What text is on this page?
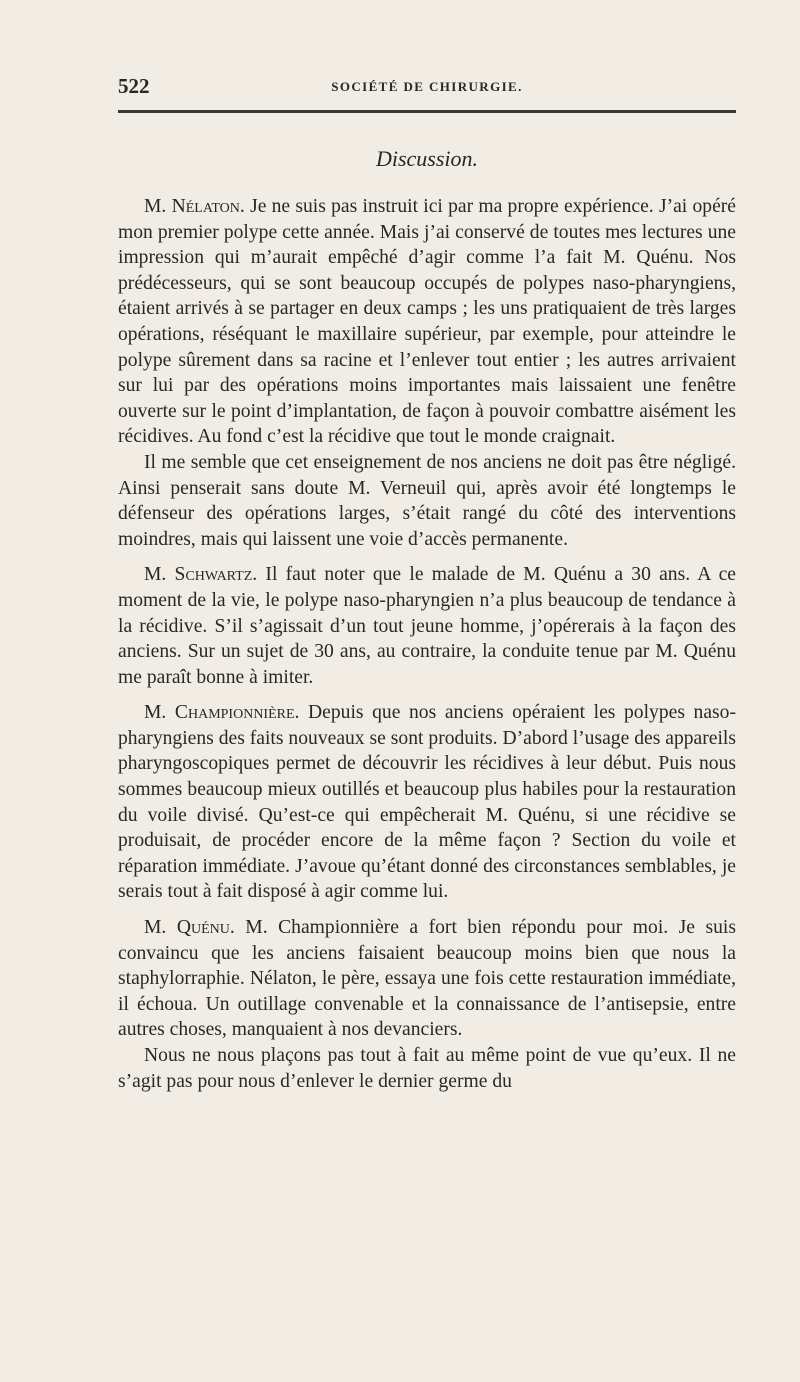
522	SOCIÉTÉ DE CHIRURGIE.
Discussion.

M. Nélaton. Je ne suis pas instruit ici par ma propre expérience. J’ai opéré mon premier polype cette année. Mais j’ai conservé de toutes mes lectures une impression qui m’aurait empêché d’agir comme l’a fait M. Quénu. Nos prédécesseurs, qui se sont beaucoup occupés de polypes naso-pharyngiens, étaient arrivés à se partager en deux camps ; les uns pratiquaient de très larges opérations, réséquant le maxillaire supérieur, par exemple, pour atteindre le polype sûrement dans sa racine et l’enlever tout entier ; les autres arrivaient sur lui par des opérations moins importantes mais laissaient une fenêtre ouverte sur le point d’implantation, de façon à pouvoir combattre aisément les récidives. Au fond c’est la récidive que tout le monde craignait.

Il me semble que cet enseignement de nos anciens ne doit pas être négligé. Ainsi penserait sans doute M. Verneuil qui, après avoir été longtemps le défenseur des opérations larges, s’était rangé du côté des interventions moindres, mais qui laissent une voie d’accès permanente.

M. Schwartz. Il faut noter que le malade de M. Quénu a 30 ans. A ce moment de la vie, le polype naso-pharyngien n’a plus beaucoup de tendance à la récidive. S’il s’agissait d’un tout jeune homme, j’opérerais à la façon des anciens. Sur un sujet de 30 ans, au contraire, la conduite tenue par M. Quénu me paraît bonne à imiter.

M. Championnière. Depuis que nos anciens opéraient les polypes naso-pharyngiens des faits nouveaux se sont produits. D’abord l’usage des appareils pharyngoscopiques permet de découvrir les récidives à leur début. Puis nous sommes beaucoup mieux outillés et beaucoup plus habiles pour la restauration du voile divisé. Qu’est-ce qui empêcherait M. Quénu, si une récidive se produisait, de procéder encore de la même façon ? Section du voile et réparation immédiate. J’avoue qu’étant donné des circonstances semblables, je serais tout à fait disposé à agir comme lui.

M. Quénu. M. Championnière a fort bien répondu pour moi. Je suis convaincu que les anciens faisaient beaucoup moins bien que nous la staphylorraphie. Nélaton, le père, essaya une fois cette restauration immédiate, il échoua. Un outillage convenable et la connaissance de l’antisepsie, entre autres choses, manquaient à nos devanciers.

Nous ne nous plaçons pas tout à fait au même point de vue qu’eux. Il ne s’agit pas pour nous d’enlever le dernier germe du
